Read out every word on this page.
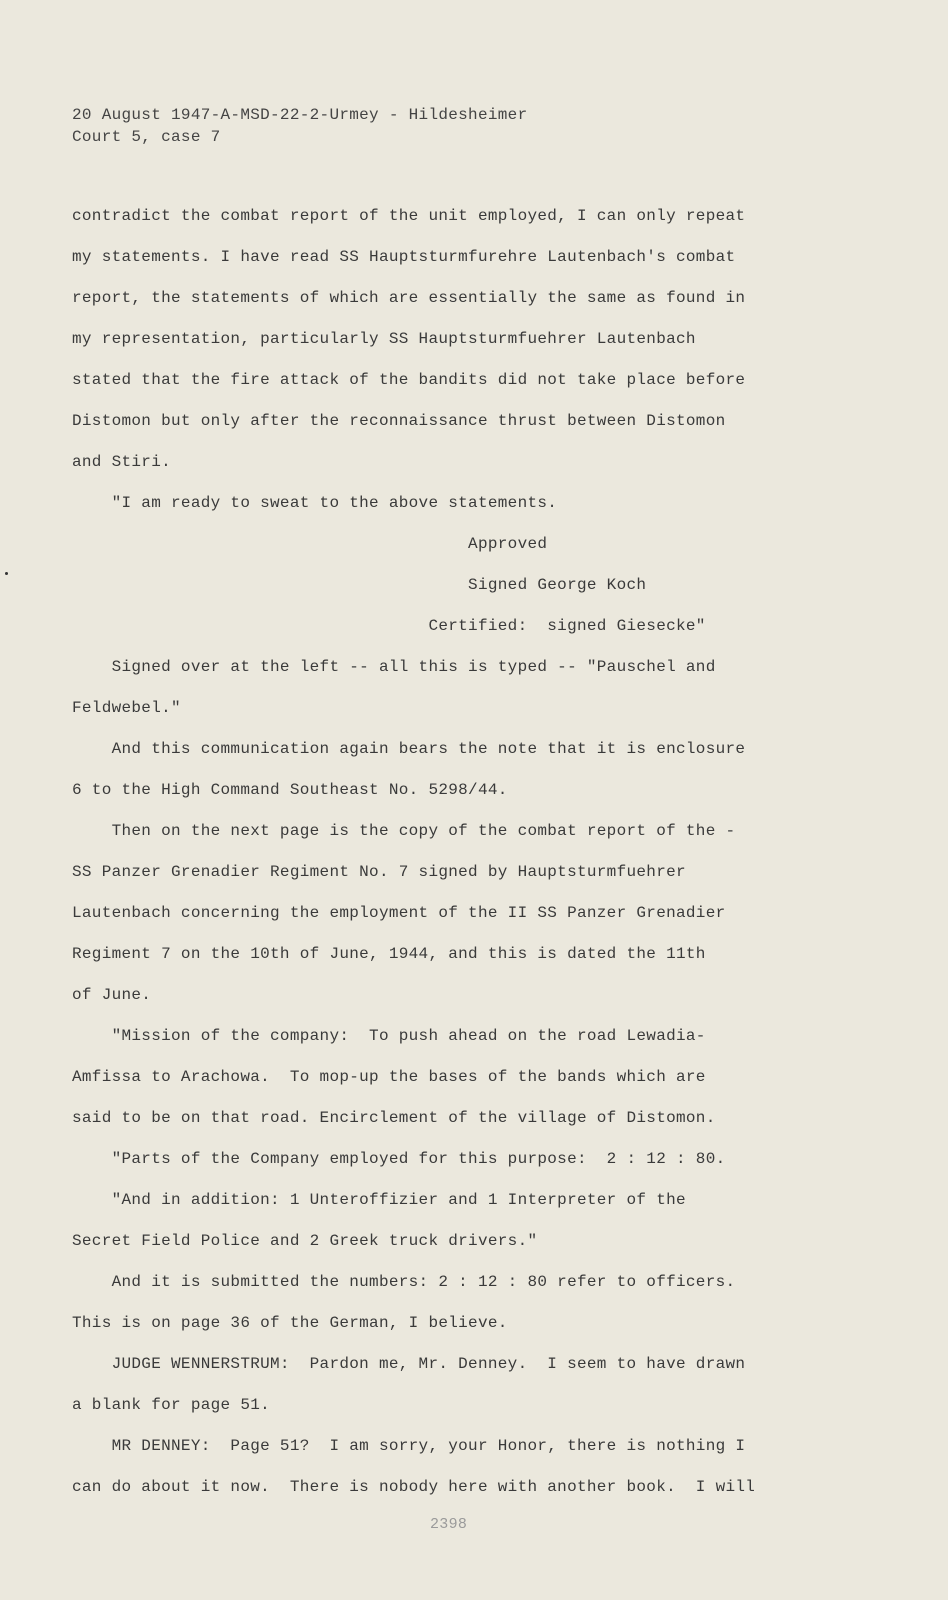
20 August 1947-A-MSD-22-2-Urmey - Hildesheimer
Court 5, case 7
contradict the combat report of the unit employed, I can only repeat
my statements. I have read SS Hauptsturmfurehre Lautenbach's combat
report, the statements of which are essentially the same as found in
my representation, particularly SS Hauptsturmfuehrer Lautenbach
stated that the fire attack of the bandits did not take place before
Distomon but only after the reconnaissance thrust between Distomon
and Stiri.
"I am ready to sweat to the above statements.
Approved
Signed George Koch
Certified:  signed Giesecke"
Signed over at the left -- all this is typed -- "Pauschel and
Feldwebel."
And this communication again bears the note that it is enclosure
6 to the High Command Southeast No. 5298/44.
Then on the next page is the copy of the combat report of the -
SS Panzer Grenadier Regiment No. 7 signed by Hauptsturmfuehrer
Lautenbach concerning the employment of the II SS Panzer Grenadier
Regiment 7 on the 10th of June, 1944, and this is dated the 11th
of June.
"Mission of the company:  To push ahead on the road Lewadia-
Amfissa to Arachowa.  To mop-up the bases of the bands which are
said to be on that road. Encirclement of the village of Distomon.
"Parts of the Company employed for this purpose:  2 : 12 : 80.
"And in addition: 1 Unteroffizier and 1 Interpreter of the
Secret Field Police and 2 Greek truck drivers."
And it is submitted the numbers: 2 : 12 : 80 refer to officers.
This is on page 36 of the German, I believe.
JUDGE WENNERSTRUM:  Pardon me, Mr. Denney.  I seem to have drawn
a blank for page 51.
MR DENNEY:  Page 51?  I am sorry, your Honor, there is nothing I
can do about it now.  There is nobody here with another book.  I will
2398
